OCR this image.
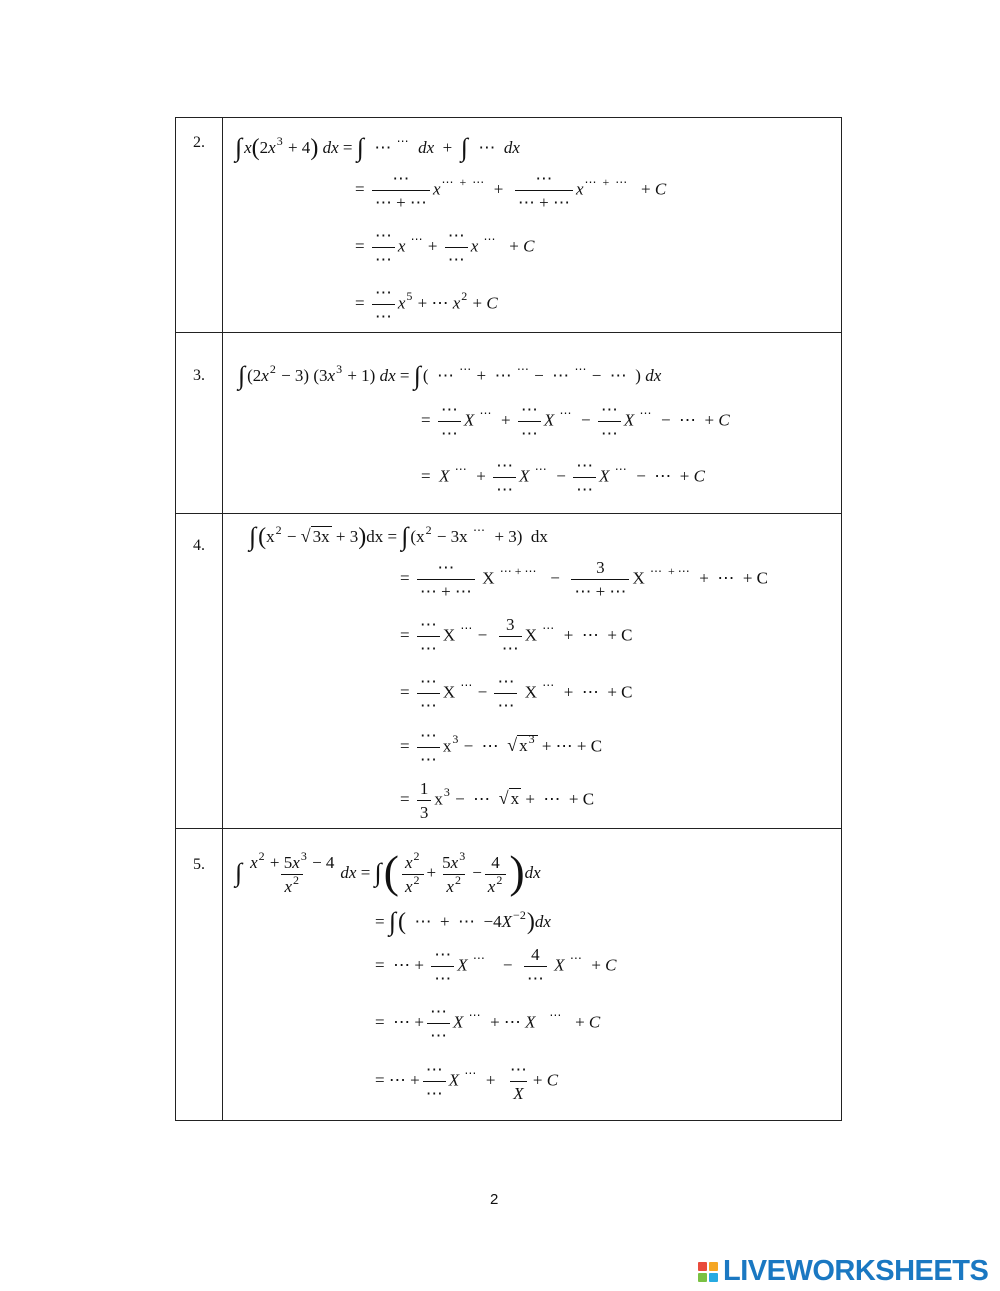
2. ∫ $x(2x^3 + 4)$ dx = ∫  ⋯ ⋯ dx  +  ∫  ⋯  dx
= $\frac{\cdots}{\cdots + \cdots} x^{\cdots + \cdots} + \frac{\cdots}{\cdots + \cdots} x^{\cdots + \cdots} + C$
= $\frac{\cdots}{\cdots}$ x $^\cdots + \frac{\cdots}{\cdots}$ x ⋯   + C
= $\frac{\cdots}{\cdots} x^5$ + ⋯ $x^2 + C$
3. ∫ $(2x^2 - 3) (3x^3 + 1)$ dx = ∫ (  ⋯ ⋯ +  ⋯ ⋯ −  ⋯ ⋯ −  ⋯  ) dx
= $\frac{\cdots}{\cdots}$ X $^\cdots + \frac{\cdots}{\cdots}$ X $^\cdots - \frac{\cdots}{\cdots}$ X ⋯  −  ⋯  + C
=  X $^\cdots + \frac{\cdots}{\cdots}$ X $^\cdots - \frac{\cdots}{\cdots}$ X ⋯  −  ⋯  + C
4. $\int(x^2$ − √ 3x + 3)dx = ∫ ($x^2 - 3x$ ⋯  + 3)  dx
= $\frac{\cdots}{\cdots + \cdots}$ X $^{\cdots + \cdots} - \frac{3}{\cdots + \cdots}$ X ⋯  + ⋯  +  ⋯  + C
= $\frac{\cdots}{\cdots}$ X $^\cdots - \frac{3}{\cdots}$ X ⋯  +  ⋯  + C
= $\frac{\cdots}{\cdots}$ X $^\cdots - \frac{\cdots}{\cdots}$ X ⋯  +  ⋯  + C
= $\frac{\cdots}{\cdots} x^3$ −  ⋯  √ $x^3$ + ⋯ + C
= $\frac{1}{3} x^3$ −  ⋯  √ x +  ⋯  + C
5. ∫ $\frac{x^2 + 5x^3 - 4}{x^2}$ dx = ∫( $\frac{x^2}{x^2} + \frac{5x^3}{x^2} - \frac{4}{x^2} )dx$
= ∫(  ⋯  +  ⋯  $-4X^{-2})dx$
=  ⋯ + $\frac{\cdots}{\cdots}$ X ⋯    − $\frac{4}{\cdots}$ X ⋯  + C
=  ⋯ + $\frac{\cdots}{\cdots}$ X ⋯  + ⋯ X ⋯   + C
= ⋯ + $\frac{\cdots}{\cdots}$ X $^\cdots + \frac{\cdots}{X} + C$
2
LIVEWORKSHEETS
